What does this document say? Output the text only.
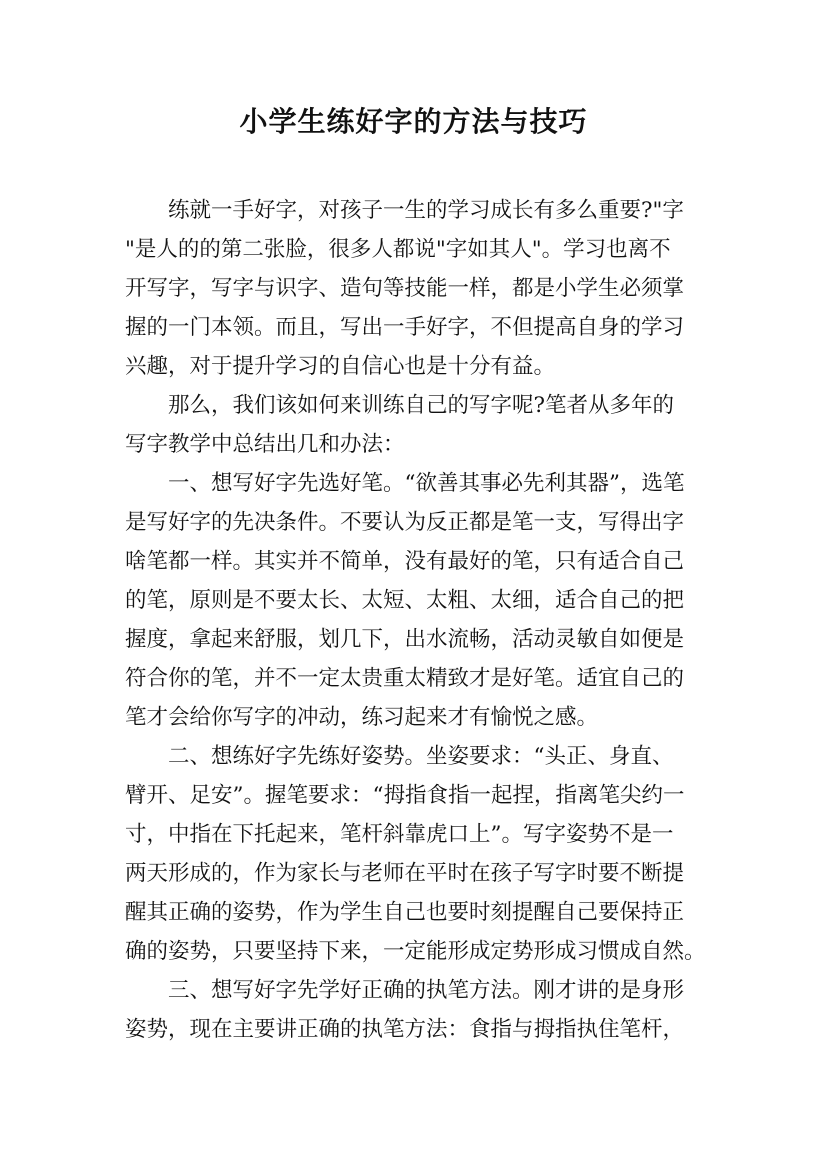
小学生练好字的方法与技巧
练就一手好字，对孩子一生的学习成长有多么重要?"字
"是人的的第二张脸，很多人都说"字如其人"。学习也离不
开写字，写字与识字、造句等技能一样，都是小学生必须掌
握的一门本领。而且，写出一手好字，不但提高自身的学习
兴趣，对于提升学习的自信心也是十分有益。
那么，我们该如何来训练自己的写字呢?笔者从多年的
写字教学中总结出几和办法：
一、想写好字先选好笔。“欲善其事必先利其器”，选笔
是写好字的先决条件。不要认为反正都是笔一支，写得出字
啥笔都一样。其实并不简单，没有最好的笔，只有适合自己
的笔，原则是不要太长、太短、太粗、太细，适合自己的把
握度，拿起来舒服，划几下，出水流畅，活动灵敏自如便是
符合你的笔，并不一定太贵重太精致才是好笔。适宜自己的
笔才会给你写字的冲动，练习起来才有愉悦之感。
二、想练好字先练好姿势。坐姿要求：“头正、身直、
臂开、足安”。握笔要求：“拇指食指一起捏，指离笔尖约一
寸，中指在下托起来，笔杆斜靠虎口上”。写字姿势不是一
两天形成的，作为家长与老师在平时在孩子写字时要不断提
醒其正确的姿势，作为学生自己也要时刻提醒自己要保持正
确的姿势，只要坚持下来，一定能形成定势形成习惯成自然。
三、想写好字先学好正确的执笔方法。刚才讲的是身形
姿势，现在主要讲正确的执笔方法：食指与拇指执住笔杆，
